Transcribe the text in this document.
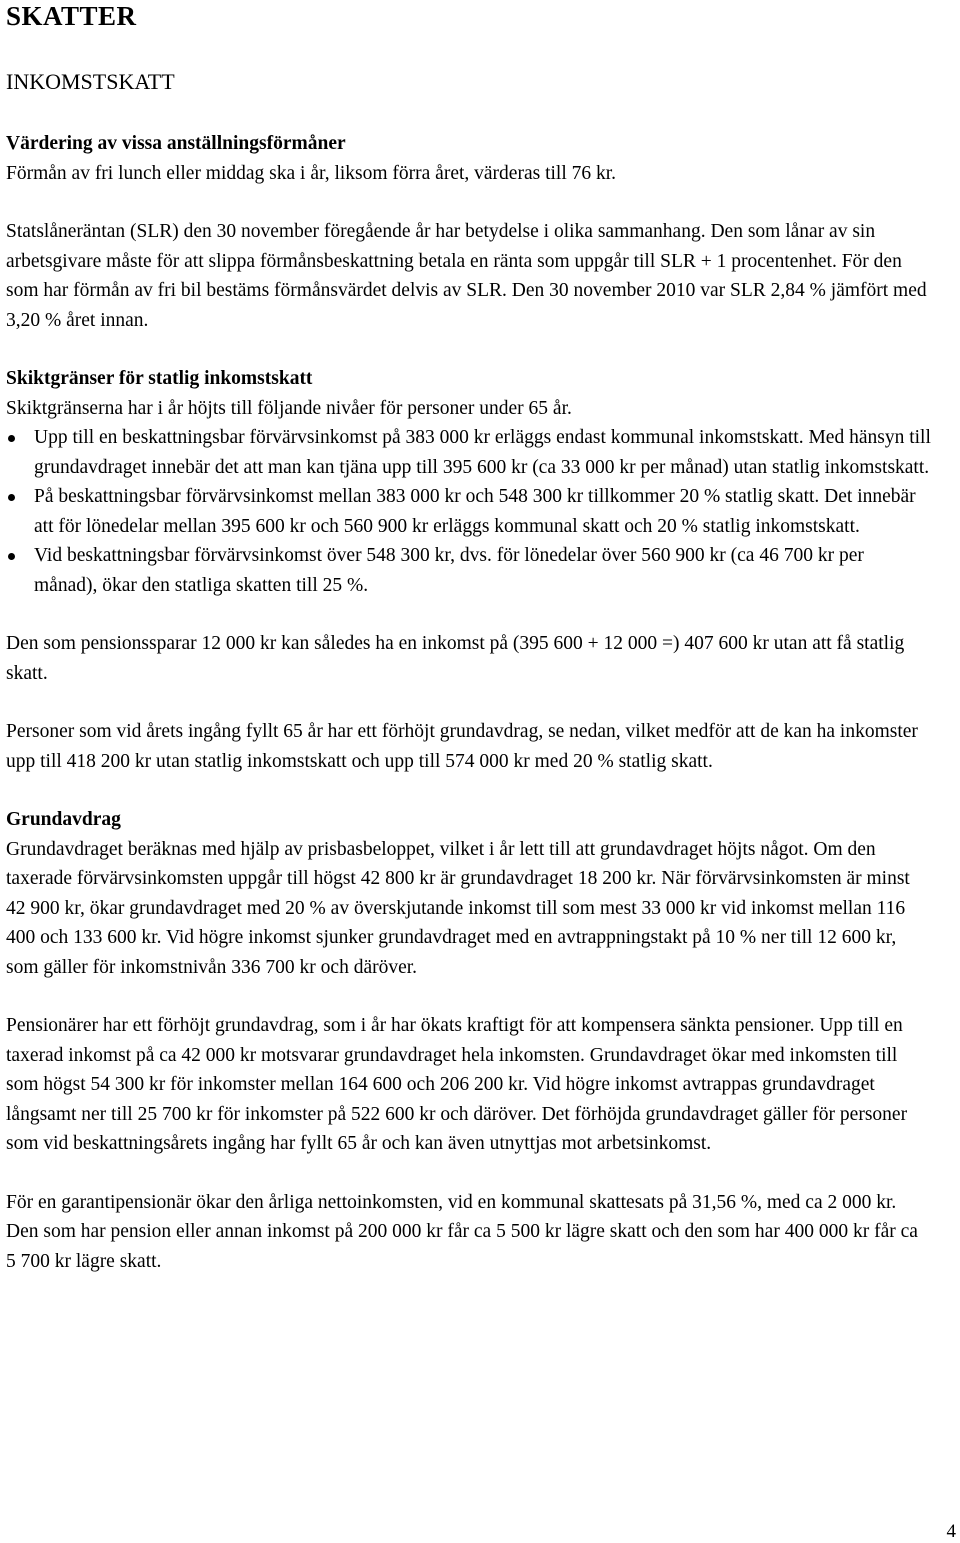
SKATTER
INKOMSTSKATT
Värdering av vissa anställningsförmåner

Förmån av fri lunch eller middag ska i år, liksom förra året, värderas till 76 kr.

Statslåneräntan (SLR) den 30 november föregående år har betydelse i olika sammanhang. Den som lånar av sin arbetsgivare måste för att slippa förmånsbeskattning betala en ränta som uppgår till SLR + 1 procentenhet. För den som har förmån av fri bil bestäms förmånsvärdet delvis av SLR. Den 30 november 2010 var SLR 2,84 % jämfört med 3,20 % året innan.

Skiktgränser för statlig inkomstskatt

Skiktgränserna har i år höjts till följande nivåer för personer under 65 år.

Upp till en beskattningsbar förvärvsinkomst på 383 000 kr erläggs endast kommunal inkomstskatt. Med hänsyn till grundavdraget innebär det att man kan tjäna upp till 395 600 kr (ca 33 000 kr per månad) utan statlig inkomstskatt.
På beskattningsbar förvärvsinkomst mellan 383 000 kr och 548 300 kr tillkommer 20 % statlig skatt. Det innebär att för lönedelar mellan 395 600 kr och 560 900 kr erläggs kommunal skatt och 20 % statlig inkomstskatt.
Vid beskattningsbar förvärvsinkomst över 548 300 kr, dvs. för lönedelar över 560 900 kr (ca 46 700 kr per månad), ökar den statliga skatten till 25 %.

Den som pensionssparar 12 000 kr kan således ha en inkomst på (395 600 + 12 000 =) 407 600 kr utan att få statlig skatt.

Personer som vid årets ingång fyllt 65 år har ett förhöjt grundavdrag, se nedan, vilket medför att de kan ha inkomster upp till 418 200 kr utan statlig inkomstskatt och upp till 574 000 kr med 20 % statlig skatt.

Grundavdrag

Grundavdraget beräknas med hjälp av prisbasbeloppet, vilket i år lett till att grundavdraget höjts något. Om den taxerade förvärvsinkomsten uppgår till högst 42 800 kr är grundavdraget 18 200 kr. När förvärvsinkomsten är minst 42 900 kr, ökar grundavdraget med 20 % av överskjutande inkomst till som mest 33 000 kr vid inkomst mellan 116 400 och 133 600 kr. Vid högre inkomst sjunker grundavdraget med en avtrappningstakt på 10 % ner till 12 600 kr, som gäller för inkomstnivån 336 700 kr och däröver.

Pensionärer har ett förhöjt grundavdrag, som i år har ökats kraftigt för att kompensera sänkta pensioner. Upp till en taxerad inkomst på ca 42 000 kr motsvarar grundavdraget hela inkomsten. Grundavdraget ökar med inkomsten till som högst 54 300 kr för inkomster mellan 164 600 och 206 200 kr. Vid högre inkomst avtrappas grundavdraget långsamt ner till 25 700 kr för inkomster på 522 600 kr och däröver. Det förhöjda grundavdraget gäller för personer som vid beskattningsårets ingång har fyllt 65 år och kan även utnyttjas mot arbetsinkomst.

För en garantipensionär ökar den årliga nettoinkomsten, vid en kommunal skattesats på 31,56 %, med ca 2 000 kr. Den som har pension eller annan inkomst på 200 000 kr får ca 5 500 kr lägre skatt och den som har 400 000 kr får ca 5 700 kr lägre skatt.

4
